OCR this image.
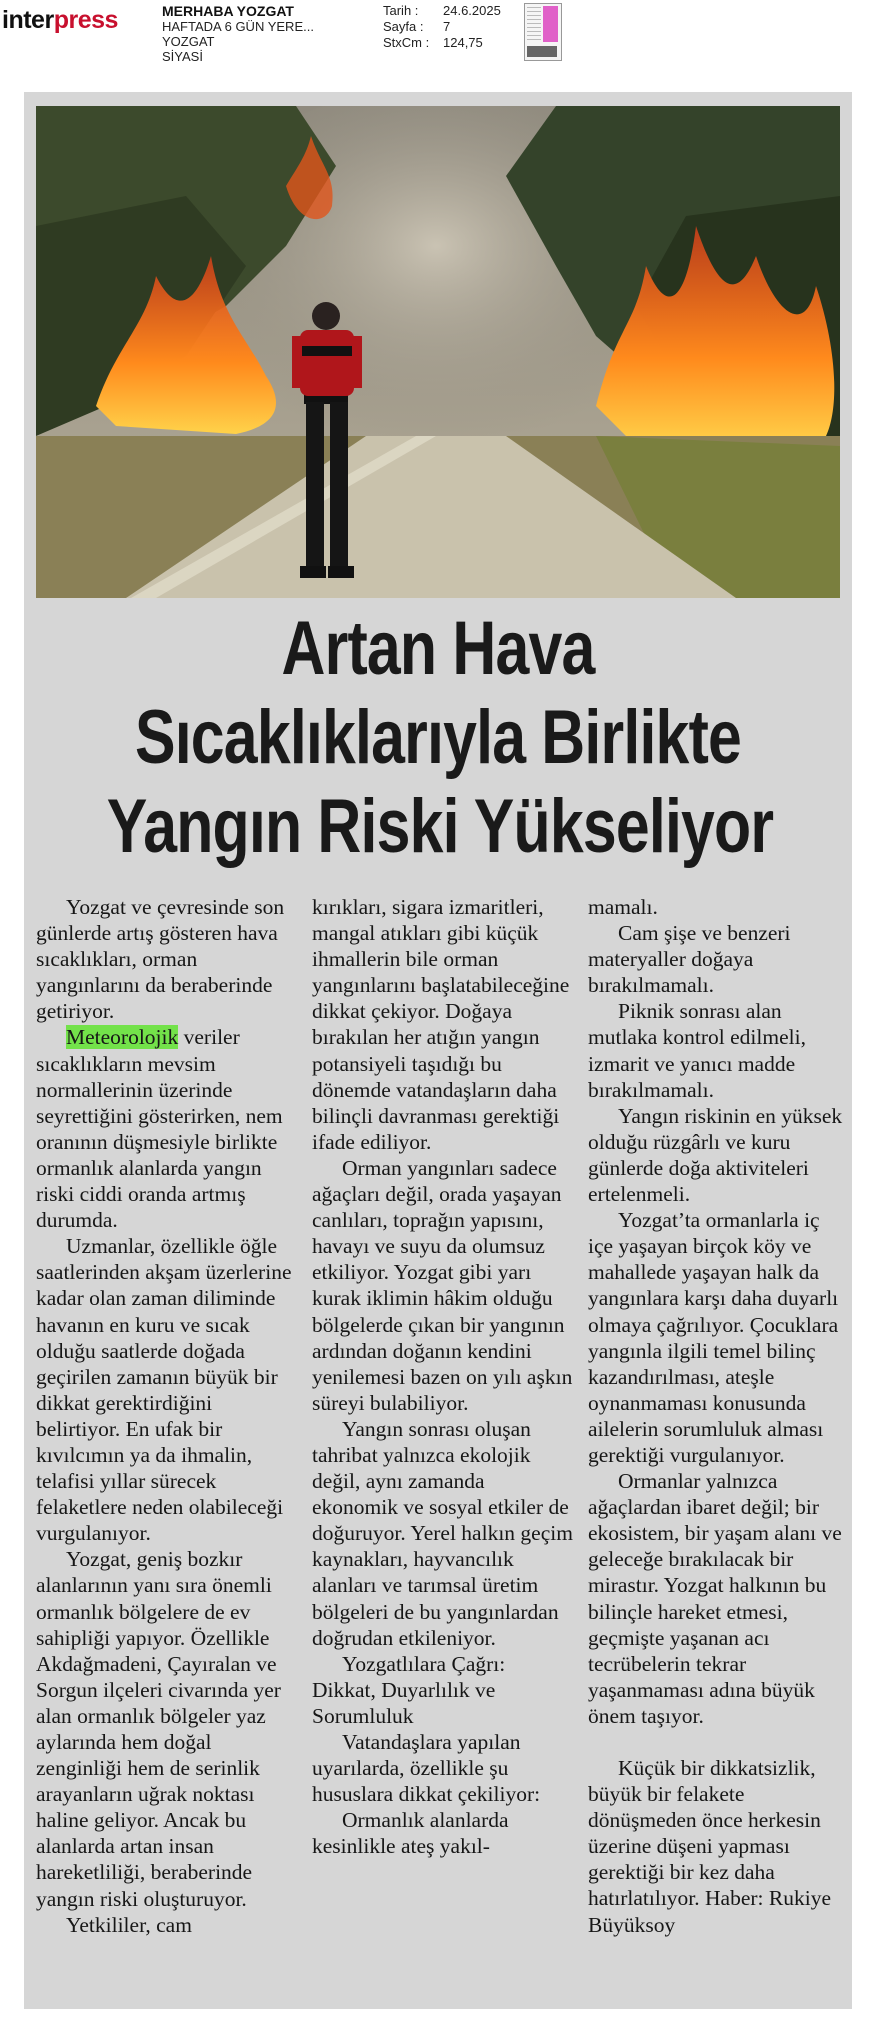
interpress	MERHABA YOZGAT
HAFTADA 6 GÜN YERE...
YOZGAT
SİYASİ
Tarih :	24.6.2025
Sayfa :	7
StxCm :	124,75
Artan Hava
Sıcaklıklarıyla Birlikte
Yangın Riski Yükseliyor

Yozgat ve çevresinde son günlerde artış gösteren hava sıcaklıkları, orman yangınlarını da beraberinde getiriyor.

Meteorolojik veriler sıcaklıkların mevsim normallerinin üzerinde seyrettiğini gösterirken, nem oranının düşmesiyle birlikte ormanlık alanlarda yangın riski ciddi oranda artmış durumda.

Uzmanlar, özellikle öğle saatlerinden akşam üzerlerine kadar olan zaman diliminde havanın en kuru ve sıcak olduğu saatlerde doğada geçirilen zamanın büyük bir dikkat gerektirdiğini belirtiyor. En ufak bir kıvılcımın ya da ihmalin, telafisi yıllar sürecek felaketlere neden olabileceği vurgulanıyor.

Yozgat, geniş bozkır alanlarının yanı sıra önemli ormanlık bölgelere de ev sahipliği yapıyor. Özellikle Akdağmadeni, Çayıralan ve Sorgun ilçeleri civarında yer alan ormanlık bölgeler yaz aylarında hem doğal zenginliği hem de serinlik arayanların uğrak noktası haline geliyor. Ancak bu alanlarda artan insan hareketliliği, beraberinde yangın riski oluşturuyor.

Yetkililer, cam

kırıkları, sigara izmaritleri, mangal atıkları gibi küçük ihmallerin bile orman yangınlarını başlatabileceğine dikkat çekiyor. Doğaya bırakılan her atığın yangın potansiyeli taşıdığı bu dönemde vatandaşların daha bilinçli davranması gerektiği ifade ediliyor.

Orman yangınları sadece ağaçları değil, orada yaşayan canlıları, toprağın yapısını, havayı ve suyu da olumsuz etkiliyor. Yozgat gibi yarı kurak iklimin hâkim olduğu bölgelerde çıkan bir yangının ardından doğanın kendini yenilemesi bazen on yılı aşkın süreyi bulabiliyor.

Yangın sonrası oluşan tahribat yalnızca ekolojik değil, aynı zamanda ekonomik ve sosyal etkiler de doğuruyor. Yerel halkın geçim kaynakları, hayvancılık alanları ve tarımsal üretim bölgeleri de bu yangınlardan doğrudan etkileniyor.

Yozgatlılara Çağrı: Dikkat, Duyarlılık ve Sorumluluk

Vatandaşlara yapılan uyarılarda, özellikle şu hususlara dikkat çekiliyor:

Ormanlık alanlarda kesinlikle ateş yakıl-

mamalı.

Cam şişe ve benzeri materyaller doğaya bırakılmamalı.

Piknik sonrası alan mutlaka kontrol edilmeli, izmarit ve yanıcı madde bırakılmamalı.

Yangın riskinin en yüksek olduğu rüzgârlı ve kuru günlerde doğa aktiviteleri ertelenmeli.

Yozgat’ta ormanlarla iç içe yaşayan birçok köy ve mahallede yaşayan halk da yangınlara karşı daha duyarlı olmaya çağrılıyor. Çocuklara yangınla ilgili temel bilinç kazandırılması, ateşle oynanmaması konusunda ailelerin sorumluluk alması gerektiği vurgulanıyor.

Ormanlar yalnızca ağaçlardan ibaret değil; bir ekosistem, bir yaşam alanı ve geleceğe bırakılacak bir mirastır. Yozgat halkının bu bilinçle hareket etmesi, geçmişte yaşanan acı tecrübelerin tekrar yaşanmaması adına büyük önem taşıyor.

Küçük bir dikkatsizlik, büyük bir felakete dönüşmeden önce herkesin üzerine düşeni yapması gerektiği bir kez daha hatırlatılıyor. Haber: Rukiye Büyüksoy
